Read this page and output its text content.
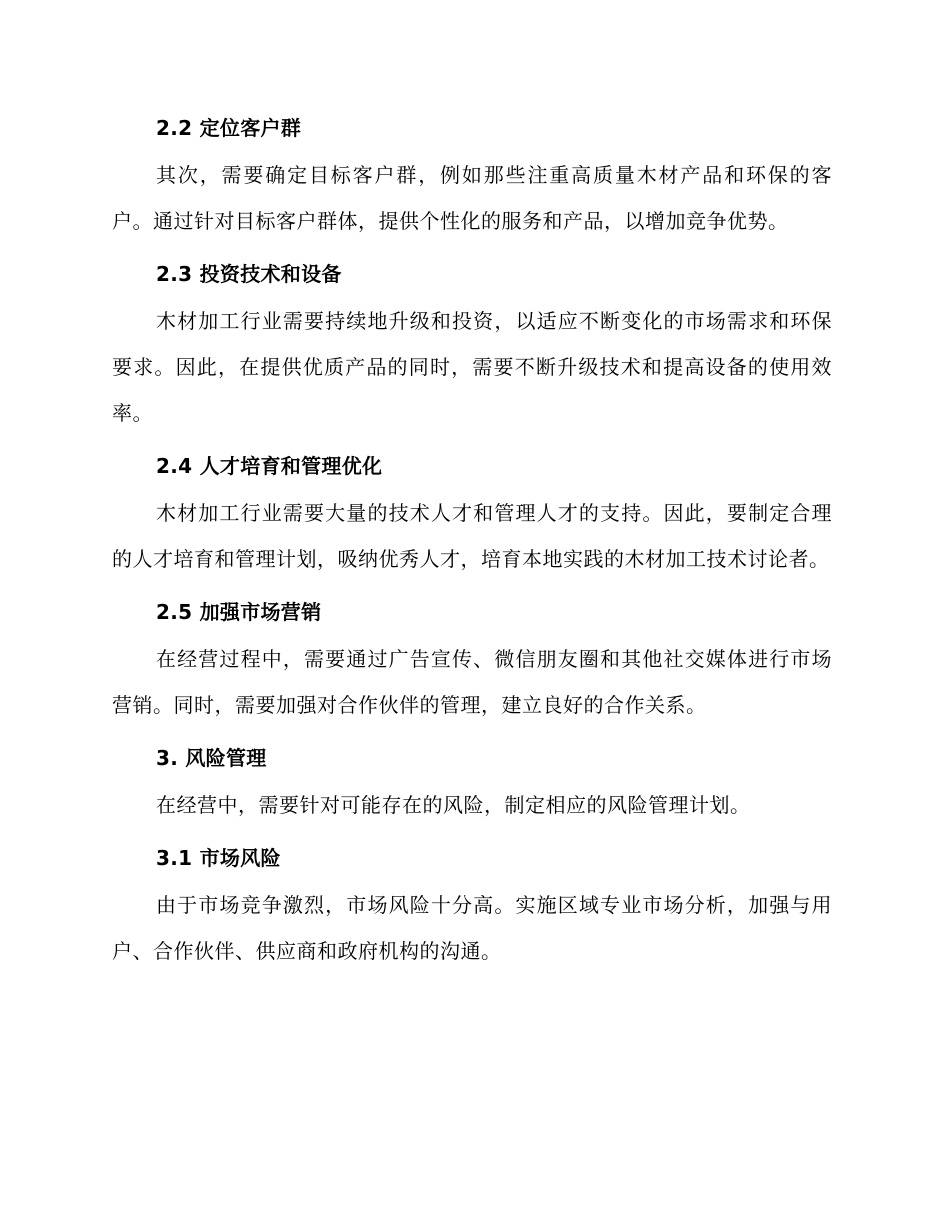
2.2 定位客户群

其次，需要确定目标客户群，例如那些注重高质量木材产品和环保的客户。通过针对目标客户群体，提供个性化的服务和产品，以增加竞争优势。

2.3 投资技术和设备

木材加工行业需要持续地升级和投资，以适应不断变化的市场需求和环保要求。因此，在提供优质产品的同时，需要不断升级技术和提高设备的使用效率。

2.4 人才培育和管理优化

木材加工行业需要大量的技术人才和管理人才的支持。因此，要制定合理的人才培育和管理计划，吸纳优秀人才，培育本地实践的木材加工技术讨论者。

2.5 加强市场营销

在经营过程中，需要通过广告宣传、微信朋友圈和其他社交媒体进行市场营销。同时，需要加强对合作伙伴的管理，建立良好的合作关系。

3. 风险管理

在经营中，需要针对可能存在的风险，制定相应的风险管理计划。

3.1 市场风险

由于市场竞争激烈，市场风险十分高。实施区域专业市场分析，加强与用户、合作伙伴、供应商和政府机构的沟通。
